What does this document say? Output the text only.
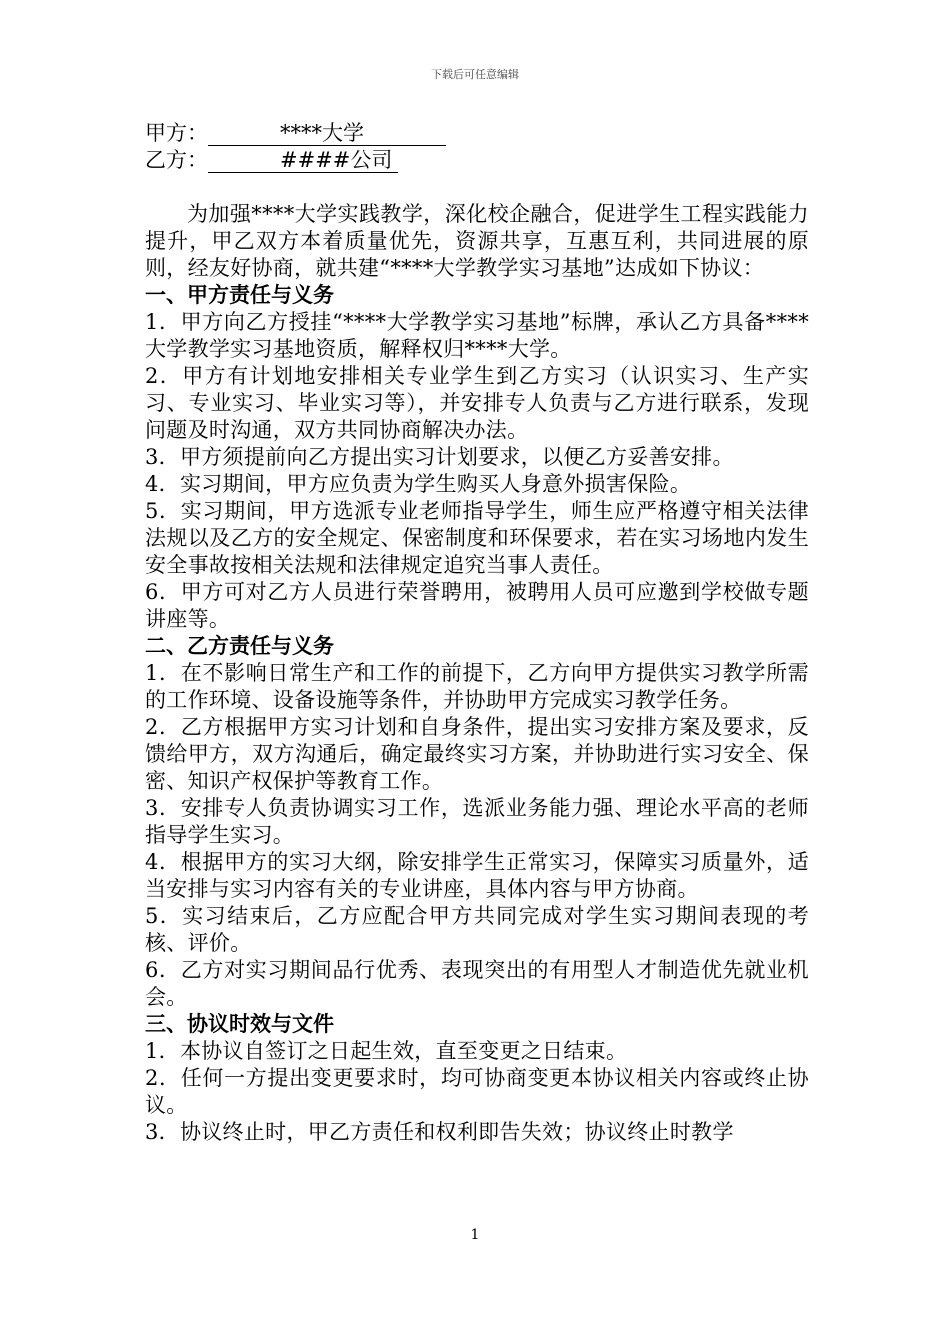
下载后可任意编辑
甲方：	****大学
乙方：	####公司
为加强****大学实践教学，深化校企融合，促进学生工程实践能力提升，甲乙双方本着质量优先，资源共享，互惠互利，共同进展的原则，经友好协商，就共建“****大学教学实习基地”达成如下协议：
一、甲方责任与义务
1．甲方向乙方授挂“****大学教学实习基地”标牌，承认乙方具备****大学教学实习基地资质，解释权归****大学。
2．甲方有计划地安排相关专业学生到乙方实习（认识实习、生产实习、专业实习、毕业实习等），并安排专人负责与乙方进行联系，发现问题及时沟通，双方共同协商解决办法。
3．甲方须提前向乙方提出实习计划要求，以便乙方妥善安排。
4．实习期间，甲方应负责为学生购买人身意外损害保险。
5．实习期间，甲方选派专业老师指导学生，师生应严格遵守相关法律法规以及乙方的安全规定、保密制度和环保要求，若在实习场地内发生安全事故按相关法规和法律规定追究当事人责任。
6．甲方可对乙方人员进行荣誉聘用，被聘用人员可应邀到学校做专题讲座等。
二、乙方责任与义务
1．在不影响日常生产和工作的前提下，乙方向甲方提供实习教学所需的工作环境、设备设施等条件，并协助甲方完成实习教学任务。
2．乙方根据甲方实习计划和自身条件，提出实习安排方案及要求，反馈给甲方，双方沟通后，确定最终实习方案，并协助进行实习安全、保密、知识产权保护等教育工作。
3．安排专人负责协调实习工作，选派业务能力强、理论水平高的老师指导学生实习。
4．根据甲方的实习大纲，除安排学生正常实习，保障实习质量外，适当安排与实习内容有关的专业讲座，具体内容与甲方协商。
5．实习结束后，乙方应配合甲方共同完成对学生实习期间表现的考核、评价。
6．乙方对实习期间品行优秀、表现突出的有用型人才制造优先就业机会。
三、协议时效与文件
1．本协议自签订之日起生效，直至变更之日结束。
2．任何一方提出变更要求时，均可协商变更本协议相关内容或终止协议。
3．协议终止时，甲乙方责任和权利即告失效；协议终止时教学
1
